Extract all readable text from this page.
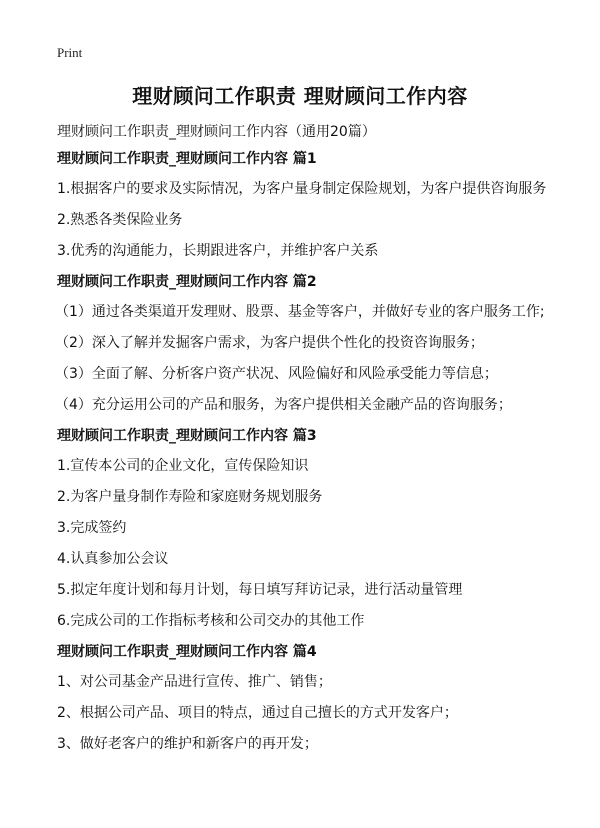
Print
理财顾问工作职责 理财顾问工作内容
理财顾问工作职责_理财顾问工作内容（通用20篇）
理财顾问工作职责_理财顾问工作内容 篇1
1.根据客户的要求及实际情况，为客户量身制定保险规划，为客户提供咨询服务
2.熟悉各类保险业务
3.优秀的沟通能力，长期跟进客户，并维护客户关系
理财顾问工作职责_理财顾问工作内容 篇2
（1）通过各类渠道开发理财、股票、基金等客户，并做好专业的客户服务工作;
（2）深入了解并发掘客户需求，为客户提供个性化的投资咨询服务；
（3）全面了解、分析客户资产状况、风险偏好和风险承受能力等信息；
（4）充分运用公司的产品和服务，为客户提供相关金融产品的咨询服务；
理财顾问工作职责_理财顾问工作内容 篇3
1.宣传本公司的企业文化，宣传保险知识
2.为客户量身制作寿险和家庭财务规划服务
3.完成签约
4.认真参加公会议
5.拟定年度计划和每月计划，每日填写拜访记录，进行活动量管理
6.完成公司的工作指标考核和公司交办的其他工作
理财顾问工作职责_理财顾问工作内容 篇4
1、对公司基金产品进行宣传、推广、销售；
2、根据公司产品、项目的特点，通过自己擅长的方式开发客户；
3、做好老客户的维护和新客户的再开发；
